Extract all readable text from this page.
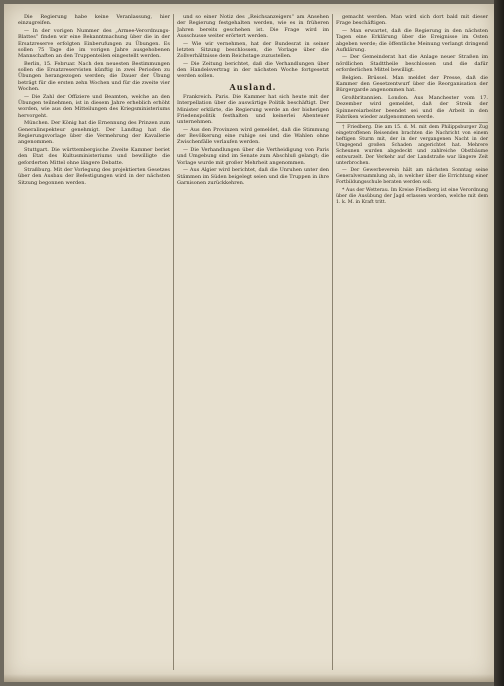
Die Regierung habe keine Veranlassung, hier einzugreifen.

— In der vorigen Nummer des „Armee-Verordnungs-Blattes“ finden wir eine Bekanntmachung über die in der Ersatzreserve erfolgten Einberufungen zu Übungen. Es sollen 75 Tage die im vorigen Jahre ausgehobenen Mannschaften an den Truppenteilen eingestellt werden.

Berlin, 15. Februar. Nach den neuesten Bestimmungen sollen die Ersatzreservisten künftig in zwei Perioden zu Übungen herangezogen werden; die Dauer der Übung beträgt für die ersten zehn Wochen und für die zweite vier Wochen.

— Die Zahl der Offiziere und Beamten, welche an den Übungen teilnehmen, ist in diesem Jahre erheblich erhöht worden, wie aus den Mitteilungen des Kriegsministeriums hervorgeht.

München. Der König hat die Ernennung des Prinzen zum Generalinspekteur genehmigt. Der Landtag hat die Regierungsvorlage über die Vermehrung der Kavallerie angenommen.

Stuttgart. Die württembergische Zweite Kammer beriet den Etat des Kultusministeriums und bewilligte die geforderten Mittel ohne längere Debatte.

Straßburg. Mit der Vorlegung des projektierten Gesetzes über den Ausbau der Befestigungen wird in der nächsten Sitzung begonnen werden.

und so einer Notiz des „Reichsanzeigers“ am Ansehen der Regierung festgehalten werden, wie es in früheren Jahren bereits geschehen ist. Die Frage wird im Ausschusse weiter erörtert werden.

— Wie wir vernehmen, hat der Bundesrat in seiner letzten Sitzung beschlossen, die Vorlage über die Zollverhältnisse dem Reichstage zuzustellen.

— Die Zeitung berichtet, daß die Verhandlungen über den Handelsvertrag in der nächsten Woche fortgesetzt werden sollen.

Ausland.

Frankreich. Paris. Die Kammer hat sich heute mit der Interpellation über die auswärtige Politik beschäftigt. Der Minister erklärte, die Regierung werde an der bisherigen Friedenspolitik festhalten und keinerlei Abenteuer unternehmen.

— Aus den Provinzen wird gemeldet, daß die Stimmung der Bevölkerung eine ruhige sei und die Wahlen ohne Zwischenfälle verlaufen werden.

— Die Verhandlungen über die Vertheidigung von Paris und Umgebung sind im Senate zum Abschluß gelangt; die Vorlage wurde mit großer Mehrheit angenommen.

— Aus Algier wird berichtet, daß die Unruhen unter den Stämmen im Süden beigelegt seien und die Truppen in ihre Garnisonen zurückkehren.

gemacht werden. Man wird sich dort bald mit dieser Frage beschäftigen.

— Man erwartet, daß die Regierung in den nächsten Tagen eine Erklärung über die Ereignisse im Osten abgeben werde; die öffentliche Meinung verlangt dringend Aufklärung.

— Der Gemeinderat hat die Anlage neuer Straßen im nördlichen Stadttheile beschlossen und die dafür erforderlichen Mittel bewilligt.

Belgien. Brüssel. Man meldet der Presse, daß die Kammer den Gesetzentwurf über die Reorganisation der Bürgergarde angenommen hat.

Großbritannien. London. Aus Manchester vom 17. Dezember wird gemeldet, daß der Streik der Spinnereiarbeiter beendet sei und die Arbeit in den Fabriken wieder aufgenommen werde.

† Friedberg. Die am 15. d. M. mit dem Philippsburger Zug eingetroffenen Reisenden brachten die Nachricht von einem heftigen Sturm mit, der in der vergangenen Nacht in der Umgegend großen Schaden angerichtet hat. Mehrere Scheunen wurden abgedeckt und zahlreiche Obstbäume entwurzelt. Der Verkehr auf der Landstraße war längere Zeit unterbrochen.

— Der Gewerbeverein hält am nächsten Sonntag seine Generalversammlung ab, in welcher über die Errichtung einer Fortbildungsschule beraten werden soll.

* Aus der Wetterau. Im Kreise Friedberg ist eine Verordnung über die Ausübung der Jagd erlassen worden, welche mit dem 1. k. M. in Kraft tritt.
